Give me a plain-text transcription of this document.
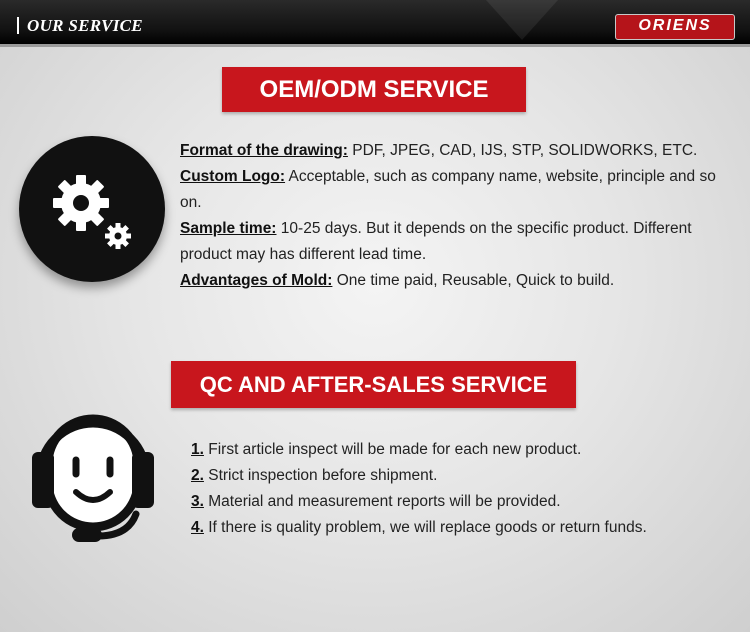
OUR SERVICE	ORIENS
OEM/ODM SERVICE

Format of the drawing: PDF, JPEG, CAD, IJS, STP, SOLIDWORKS, ETC.

Custom Logo: Acceptable, such as company name, website, principle and so on.

Sample time: 10-25 days. But it depends on the specific product. Different product may has different lead time.

Advantages of Mold: One time paid, Reusable, Quick to build.

QC AND AFTER-SALES SERVICE

1. First article inspect will be made for each new product.

2. Strict inspection before shipment.

3. Material and measurement reports will be provided.

4. If there is quality problem, we will replace goods or return funds.
